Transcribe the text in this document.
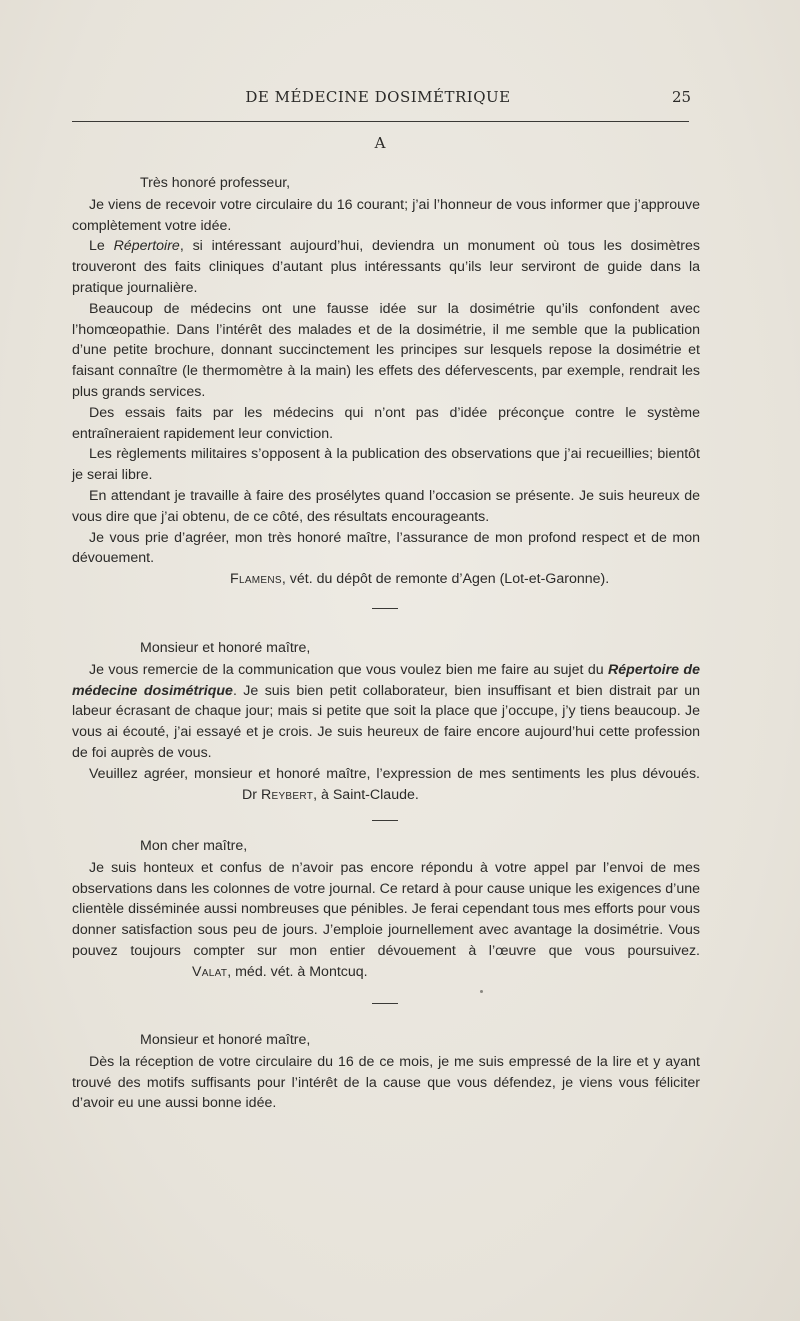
DE MÉDECINE DOSIMÉTRIQUE	25
A

Très honoré professeur,

Je viens de recevoir votre circulaire du 16 courant; j’ai l’honneur de vous informer que j’approuve complètement votre idée.

Le Répertoire, si intéressant aujourd’hui, deviendra un monument où tous les dosimètres trouveront des faits cliniques d’autant plus intéressants qu’ils leur serviront de guide dans la pratique journalière.

Beaucoup de médecins ont une fausse idée sur la dosimétrie qu’ils confondent avec l’homœopathie. Dans l’intérêt des malades et de la dosimétrie, il me semble que la publication d’une petite brochure, donnant succinctement les principes sur lesquels repose la dosimétrie et faisant connaître (le thermomètre à la main) les effets des défervescents, par exemple, rendrait les plus grands services.

Des essais faits par les médecins qui n’ont pas d’idée préconçue contre le système entraîneraient rapidement leur conviction.

Les règlements militaires s’opposent à la publication des observations que j’ai recueillies; bientôt je serai libre.

En attendant je travaille à faire des prosélytes quand l’occasion se présente. Je suis heureux de vous dire que j’ai obtenu, de ce côté, des résultats encourageants.

Je vous prie d’agréer, mon très honoré maître, l’assurance de mon profond respect et de mon dévouement.

Flamens, vét. du dépôt de remonte d’Agen (Lot-et-Garonne).

Monsieur et honoré maître,

Je vous remercie de la communication que vous voulez bien me faire au sujet du Répertoire de médecine dosimétrique. Je suis bien petit collaborateur, bien insuffisant et bien distrait par un labeur écrasant de chaque jour; mais si petite que soit la place que j’occupe, j’y tiens beaucoup. Je vous ai écouté, j’ai essayé et je crois. Je suis heureux de faire encore aujourd’hui cette profession de foi auprès de vous.

Veuillez agréer, monsieur et honoré maître, l’expression de mes sentiments les plus dévoués.Dr Reybert, à Saint-Claude.

Mon cher maître,

Je suis honteux et confus de n’avoir pas encore répondu à votre appel par l’envoi de mes observations dans les colonnes de votre journal. Ce retard à pour cause unique les exigences d’une clientèle disséminée aussi nombreuses que pénibles. Je ferai cependant tous mes efforts pour vous donner satisfaction sous peu de jours. J’emploie journellement avec avantage la dosimétrie. Vous pouvez toujours compter sur mon entier dévouement à l’œuvre que vous poursuivez.Valat, méd. vét. à Montcuq.

Monsieur et honoré maître,

Dès la réception de votre circulaire du 16 de ce mois, je me suis empressé de la lire et y ayant trouvé des motifs suffisants pour l’intérêt de la cause que vous défendez, je viens vous féliciter d’avoir eu une aussi bonne idée.
